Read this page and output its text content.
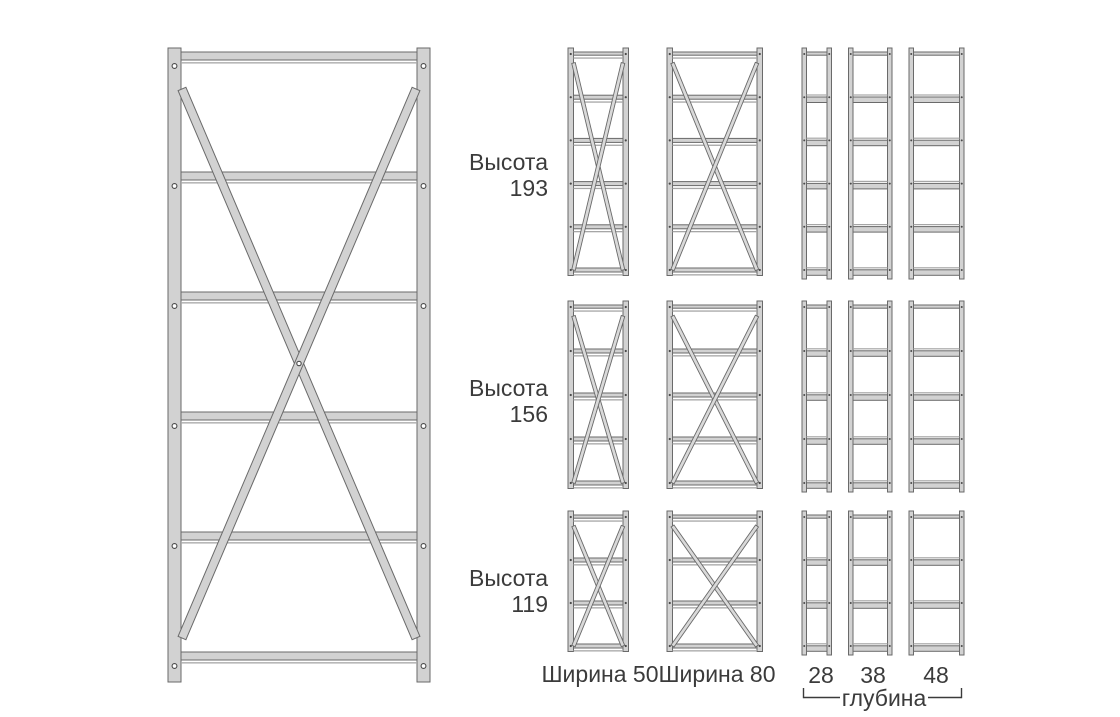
Высота
193
Высота
156
Высота
119
Ширина 50 Ширина 80	28	38	48
глубина
